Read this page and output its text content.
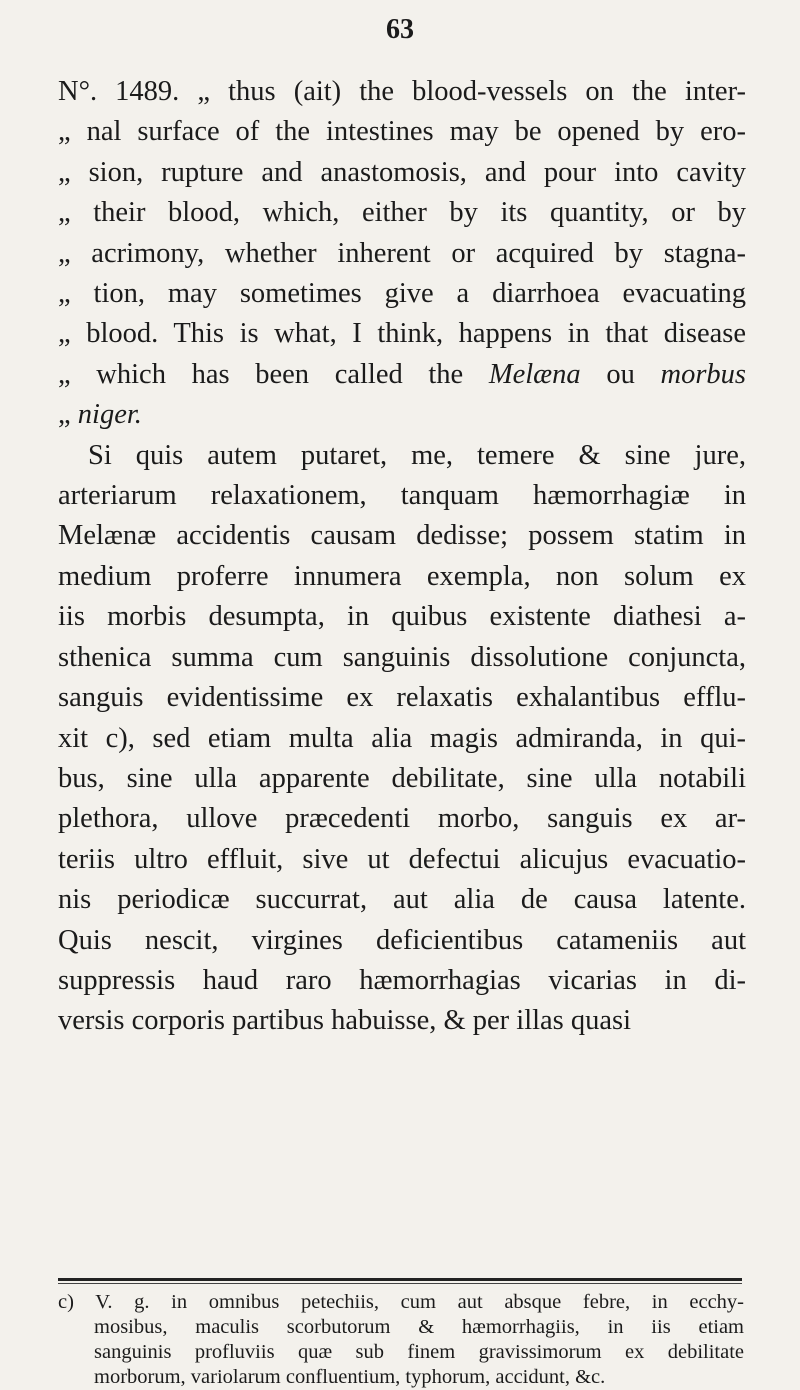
63
N°. 1489. „ thus (ait) the blood-vessels on the inter-
„ nal surface of the intestines may be opened by ero-
„ sion, rupture and anastomosis, and pour into cavity
„ their blood, which, either by its quantity, or by
„ acrimony, whether inherent or acquired by stagna-
„ tion, may sometimes give a diarrhoea evacuating
„ blood. This is what, I think, happens in that disease
„ which has been called the Melæna ou morbus
„ niger.
Si quis autem putaret, me, temere & sine jure,
arteriarum relaxationem, tanquam hæmorrhagiæ in
Melænæ accidentis causam dedisse; possem statim in
medium proferre innumera exempla, non solum ex
iis morbis desumpta, in quibus existente diathesi a-
sthenica summa cum sanguinis dissolutione conjuncta,
sanguis evidentissime ex relaxatis exhalantibus efflu-
xit c), sed etiam multa alia magis admiranda, in qui-
bus, sine ulla apparente debilitate, sine ulla notabili
plethora, ullove præcedenti morbo, sanguis ex ar-
teriis ultro effluit, sive ut defectui alicujus evacuatio-
nis periodicæ succurrat, aut alia de causa latente.
Quis nescit, virgines deficientibus catameniis aut
suppressis haud raro hæmorrhagias vicarias in di-
versis corporis partibus habuisse, & per illas quasi
c) V. g. in omnibus petechiis, cum aut absque febre, in ecchy-
mosibus, maculis scorbutorum & hæmorrhagiis, in iis etiam
sanguinis profluviis quæ sub finem gravissimorum ex debilitate
morborum, variolarum confluentium, typhorum, accidunt, &c.
